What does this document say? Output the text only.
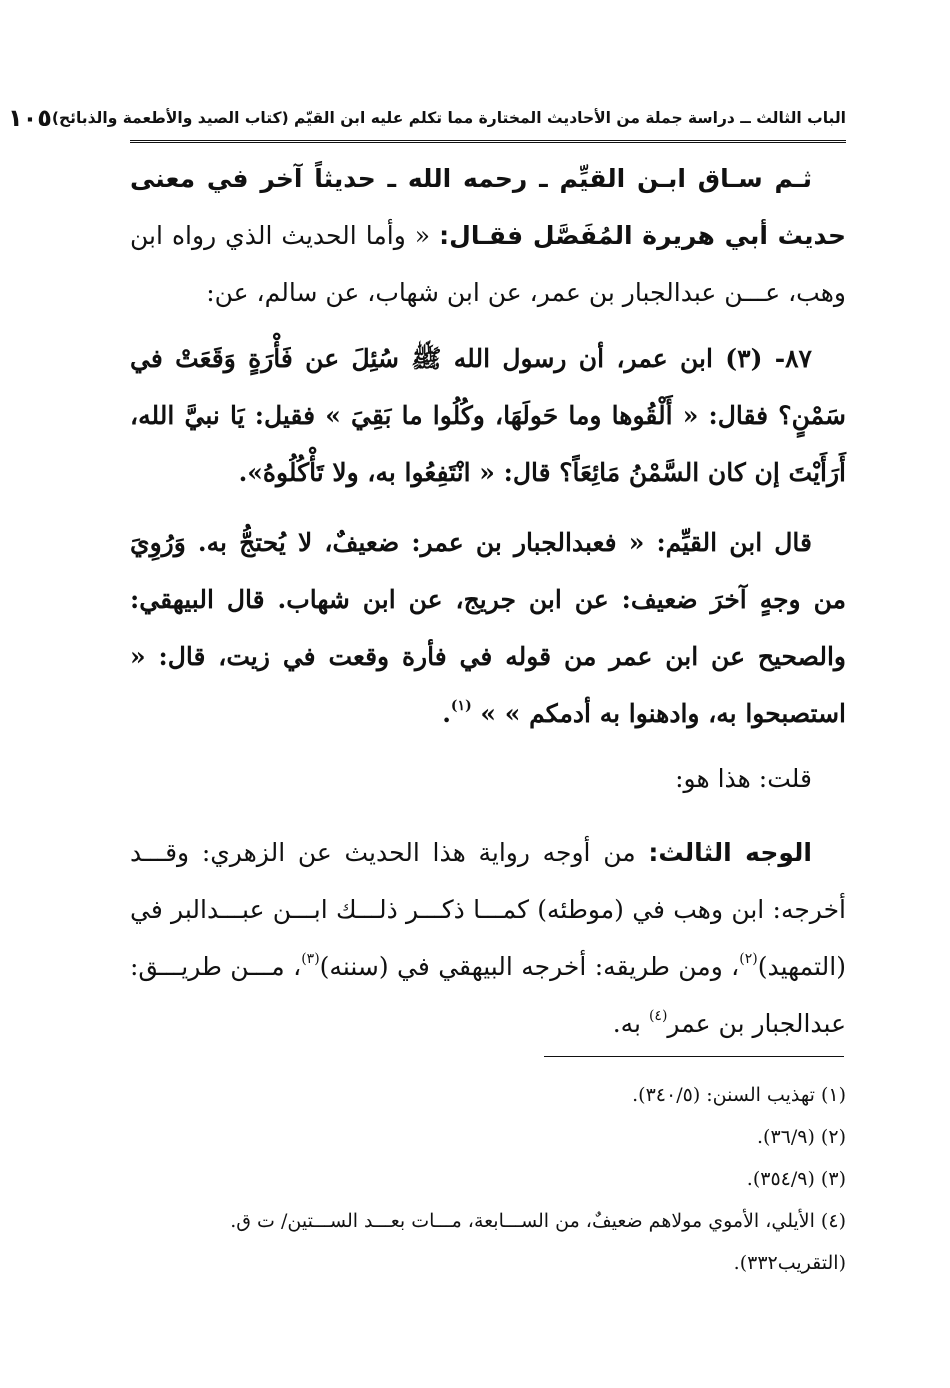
الباب الثالث ــ دراسة جملة من الأحاديث المختارة مما تكلم عليه ابن القيّم (كتاب الصيد والأطعمة والذبائح)
١٠٥

ثـم سـاق ابـن القيِّم ـ رحمه الله ـ حديثاً آخر في معنى حديث أبي هريرة المُفَصَّل فقـال: « وأما الحديث الذي رواه ابن وهب، عـــن عبدالجبار بن عمر، عن ابن شهاب، عن سالم، عن:

٨٧- (٣) ابن عمر، أن رسول الله ﷺ سُئِلَ عن فَأْرَةٍ وَقَعَتْ في سَمْنٍ؟ فقال: « أَلْقُوها وما حَولَهَا، وكُلُوا ما بَقِيَ » فقيل: يَا نبيَّ الله، أَرَأَيْتَ إن كان السَّمْنُ مَائِعَاً؟ قال: « انْتَفِعُوا به، ولا تَأْكُلُوهُ».

قال ابن القيِّم: « فعبدالجبار بن عمر: ضعيفٌ، لا يُحتجُّ به. وَرُوِيَ من وجهٍ آخرَ ضعيف: عن ابن جريج، عن ابن شهاب. قال البيهقي: والصحيح عن ابن عمر من قوله في فأرة وقعت في زيت، قال: « استصبحوا به، وادهنوا به أدمكم » » $^{(١)}$.

قلت: هذا هو:

الوجه الثالث: من أوجه رواية هذا الحديث عن الزهري: وقـــد أخرجه: ابن وهب في (موطئه) كمـــا ذكـــر ذلـــك ابـــن عبـــدالبر في (التمهيد)$^{(٢)}$، ومن طريقه: أخرجه البيهقي في (سننه)$^{(٣)}$، مـــن طريـــق: عبدالجبار بن عمر$^{(٤)}$ به.

(١) تهذيب السنن: (٣٤٠/٥).

(٢) (٣٦/٩).

(٣) (٣٥٤/٩).

(٤) الأيلي، الأموي مولاهم ضعيفٌ، من الســـابعة، مـــات بعـــد الســـتين/ ت ق. (التقريب٣٣٢).
